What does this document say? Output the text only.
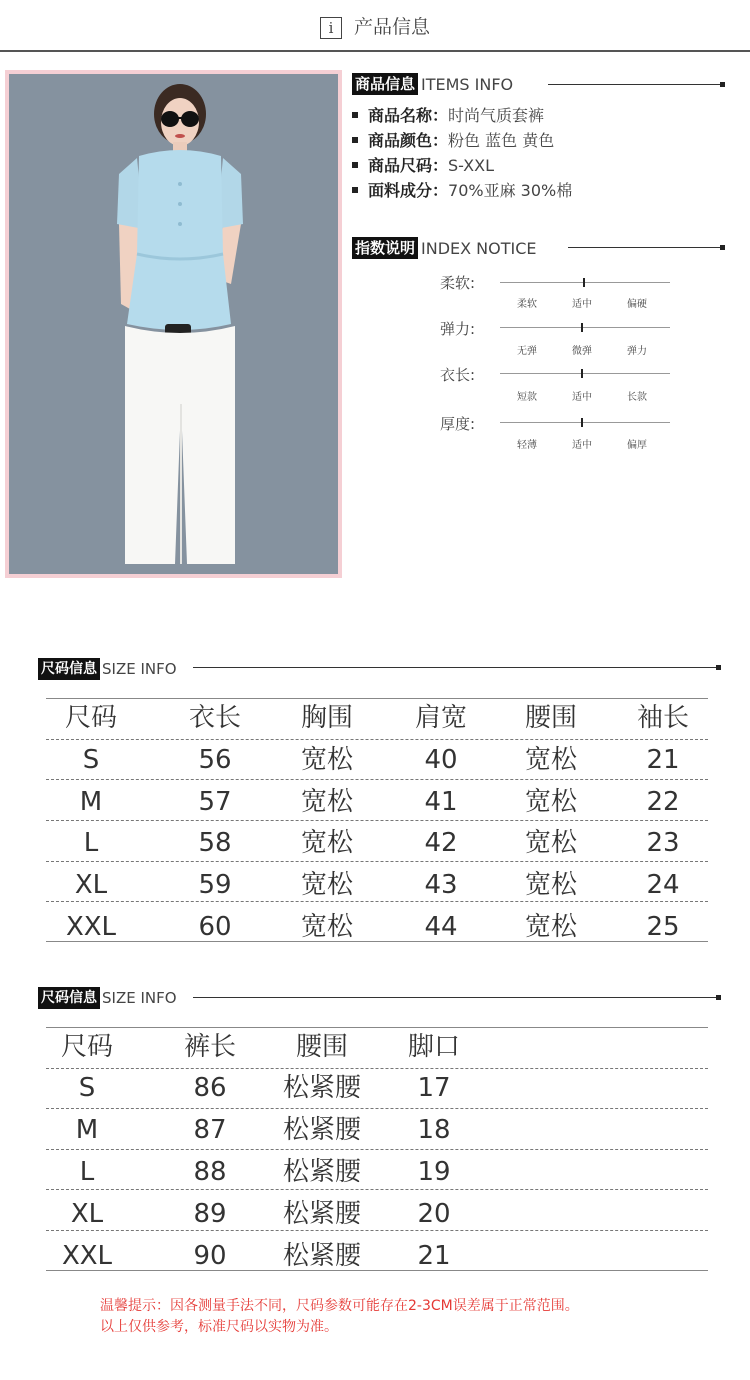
i 产品信息
商品信息 ITEMS INFO
商品名称：时尚气质套裤
商品颜色：粉色 蓝色 黄色
商品尺码：S-XXL
面料成分：70%亚麻 30%棉
指数说明 INDEX NOTICE
柔软:
柔软	适中	偏硬
弹力:
无弹	微弹	弹力
衣长:
短款	适中	长款
厚度:
轻薄	适中	偏厚
尺码信息 SIZE INFO
尺码	衣长	胸围	肩宽	腰围	袖长
S	56	宽松	40	宽松	21
M	57	宽松	41	宽松	22
L	58	宽松	42	宽松	23
XL	59	宽松	43	宽松	24
XXL	60	宽松	44	宽松	25
尺码信息 SIZE INFO
尺码	裤长	腰围	脚口
S	86	松紧腰	17
M	87	松紧腰	18
L	88	松紧腰	19
XL	89	松紧腰	20
XXL	90	松紧腰	21
温馨提示：因各测量手法不同，尺码参数可能存在2-3CM误差属于正常范围。
以上仅供参考，标准尺码以实物为准。
